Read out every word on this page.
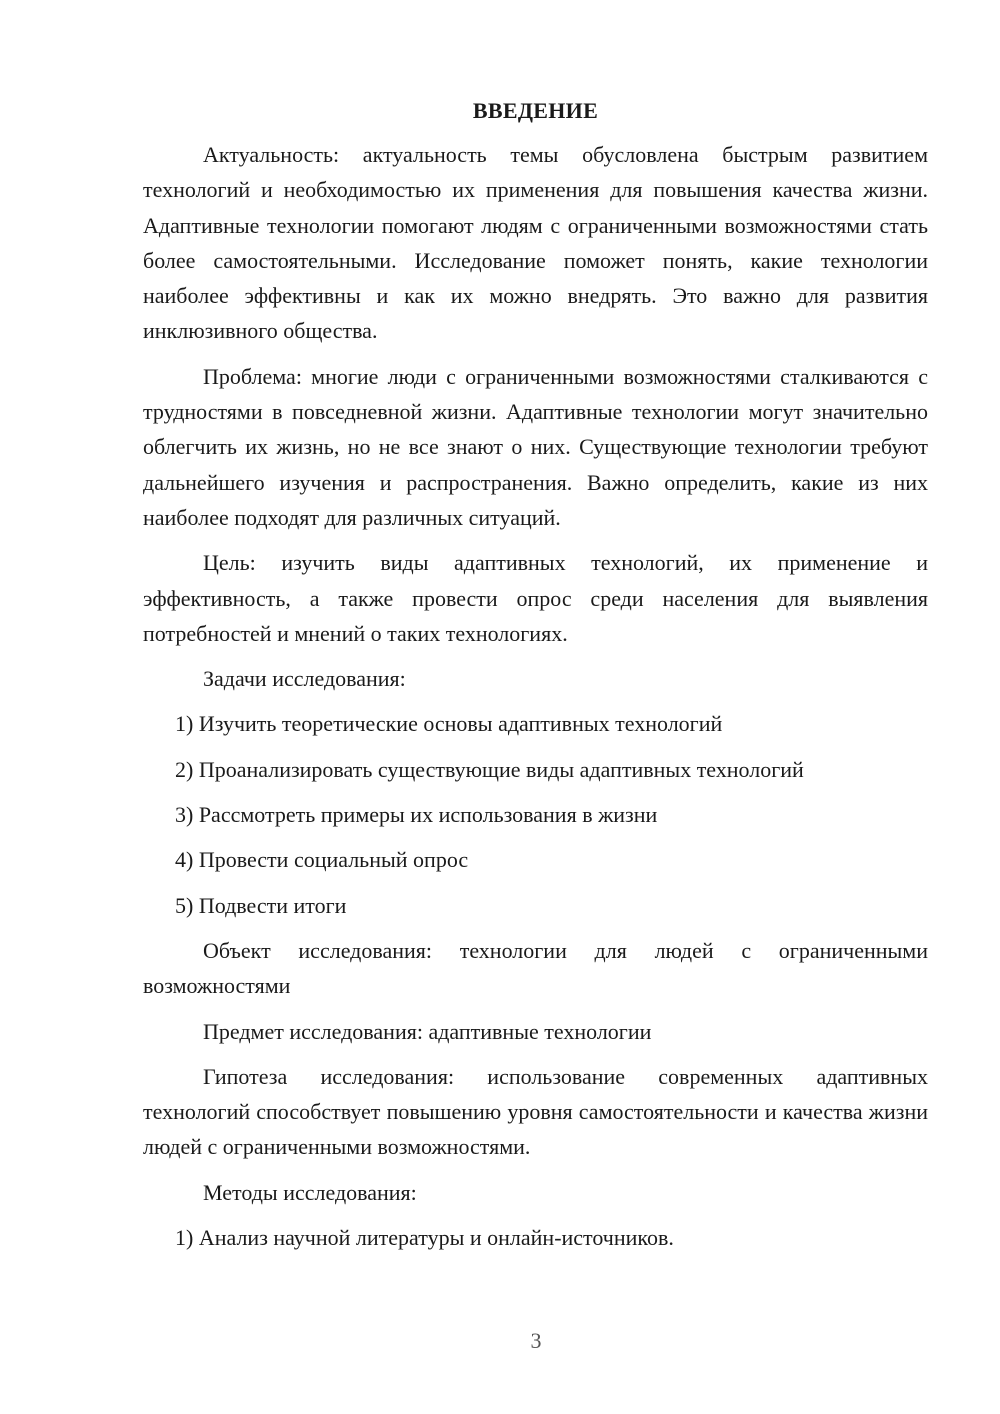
ВВЕДЕНИЕ

Актуальность: актуальность темы обусловлена быстрым развитием технологий и необходимостью их применения для повышения качества жизни. Адаптивные технологии помогают людям с ограниченными возможностями стать более самостоятельными. Исследование поможет понять, какие технологии наиболее эффективны и как их можно внедрять. Это важно для развития инклюзивного общества.

Проблема: многие люди с ограниченными возможностями сталкиваются с трудностями в повседневной жизни. Адаптивные технологии могут значительно облегчить их жизнь, но не все знают о них. Существующие технологии требуют дальнейшего изучения и распространения. Важно определить, какие из них наиболее подходят для различных ситуаций.

Цель: изучить виды адаптивных технологий, их применение и эффективность, а также провести опрос среди населения для выявления потребностей и мнений о таких технологиях.

Задачи исследования:

1) Изучить теоретические основы адаптивных технологий
2) Проанализировать существующие виды адаптивных технологий
3) Рассмотреть примеры их использования в жизни
4) Провести социальный опрос
5) Подвести итоги

Объект исследования: технологии для людей с ограниченными возможностями

Предмет исследования: адаптивные технологии

Гипотеза исследования: использование современных адаптивных технологий способствует повышению уровня самостоятельности и качества жизни людей с ограниченными возможностями.

Методы исследования:

1) Анализ научной литературы и онлайн-источников.
3
